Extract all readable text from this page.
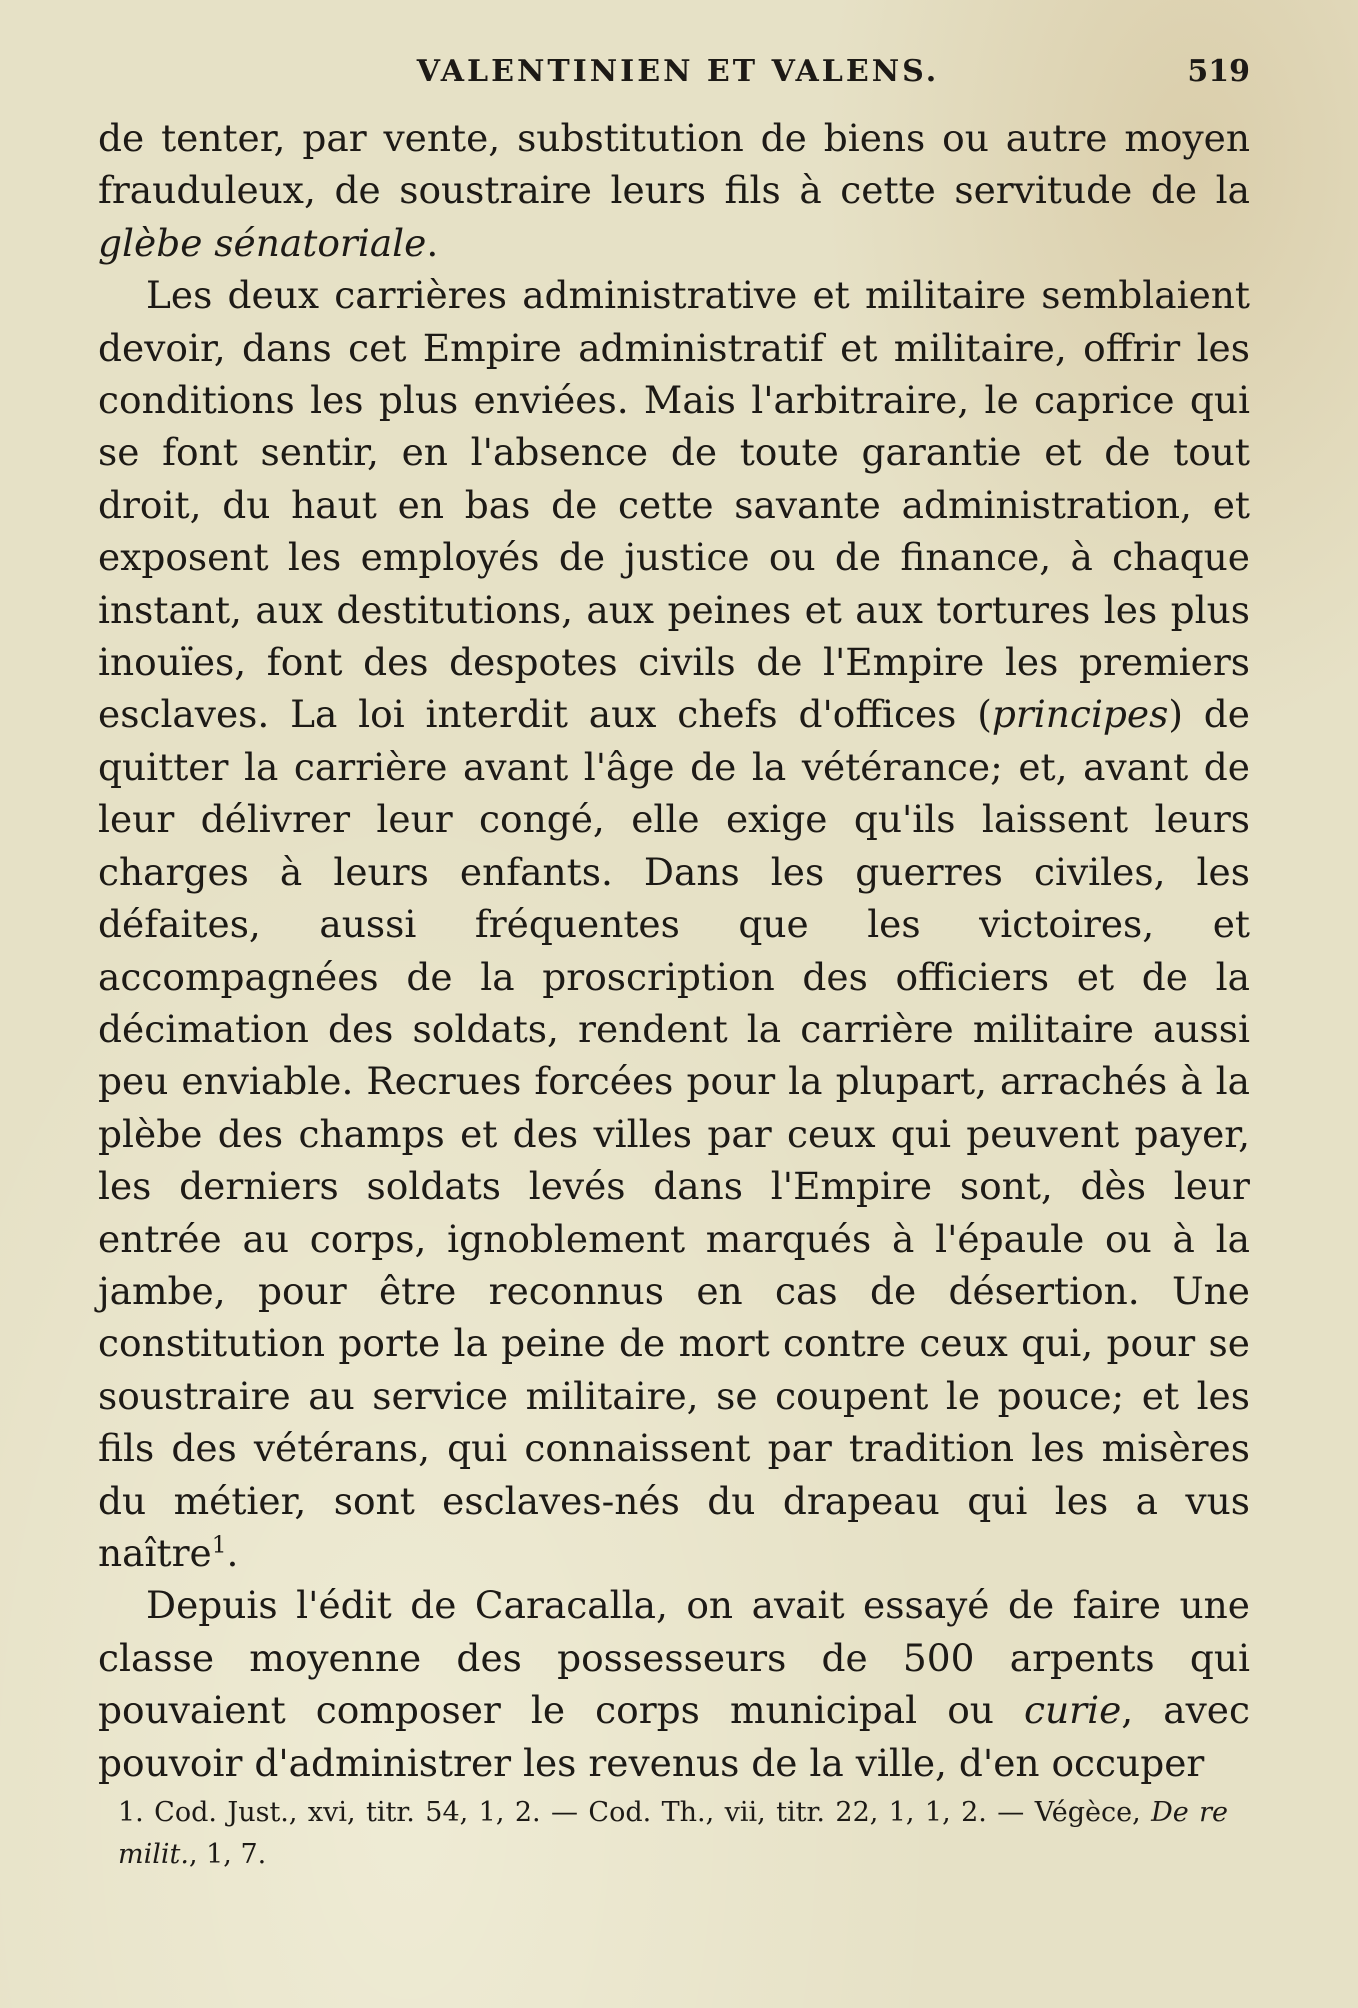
VALENTINIEN ET VALENS.	519

de tenter, par vente, substitution de biens ou autre moyen frauduleux, de soustraire leurs fils à cette servitude de la glèbe sénatoriale.

Les deux carrières administrative et militaire semblaient devoir, dans cet Empire administratif et militaire, offrir les conditions les plus enviées. Mais l'arbitraire, le caprice qui se font sentir, en l'absence de toute garantie et de tout droit, du haut en bas de cette savante administration, et exposent les employés de justice ou de finance, à chaque instant, aux destitutions, aux peines et aux tortures les plus inouïes, font des despotes civils de l'Empire les premiers esclaves. La loi interdit aux chefs d'offices (principes) de quitter la carrière avant l'âge de la vétérance; et, avant de leur délivrer leur congé, elle exige qu'ils laissent leurs charges à leurs enfants. Dans les guerres civiles, les défaites, aussi fréquentes que les victoires, et accompagnées de la proscription des officiers et de la décimation des soldats, rendent la carrière militaire aussi peu enviable. Recrues forcées pour la plupart, arrachés à la plèbe des champs et des villes par ceux qui peuvent payer, les derniers soldats levés dans l'Empire sont, dès leur entrée au corps, ignoblement marqués à l'épaule ou à la jambe, pour être reconnus en cas de désertion. Une constitution porte la peine de mort contre ceux qui, pour se soustraire au service militaire, se coupent le pouce; et les fils des vétérans, qui connaissent par tradition les misères du métier, sont esclaves-nés du drapeau qui les a vus naître$^1$.

Depuis l'édit de Caracalla, on avait essayé de faire une classe moyenne des possesseurs de 500 arpents qui pouvaient composer le corps municipal ou curie, avec pouvoir d'administrer les revenus de la ville, d'en occuper

1. Cod. Just., xvi, titr. 54, 1, 2. — Cod. Th., vii, titr. 22, 1, 1, 2. — Végèce, De re milit., 1, 7.
